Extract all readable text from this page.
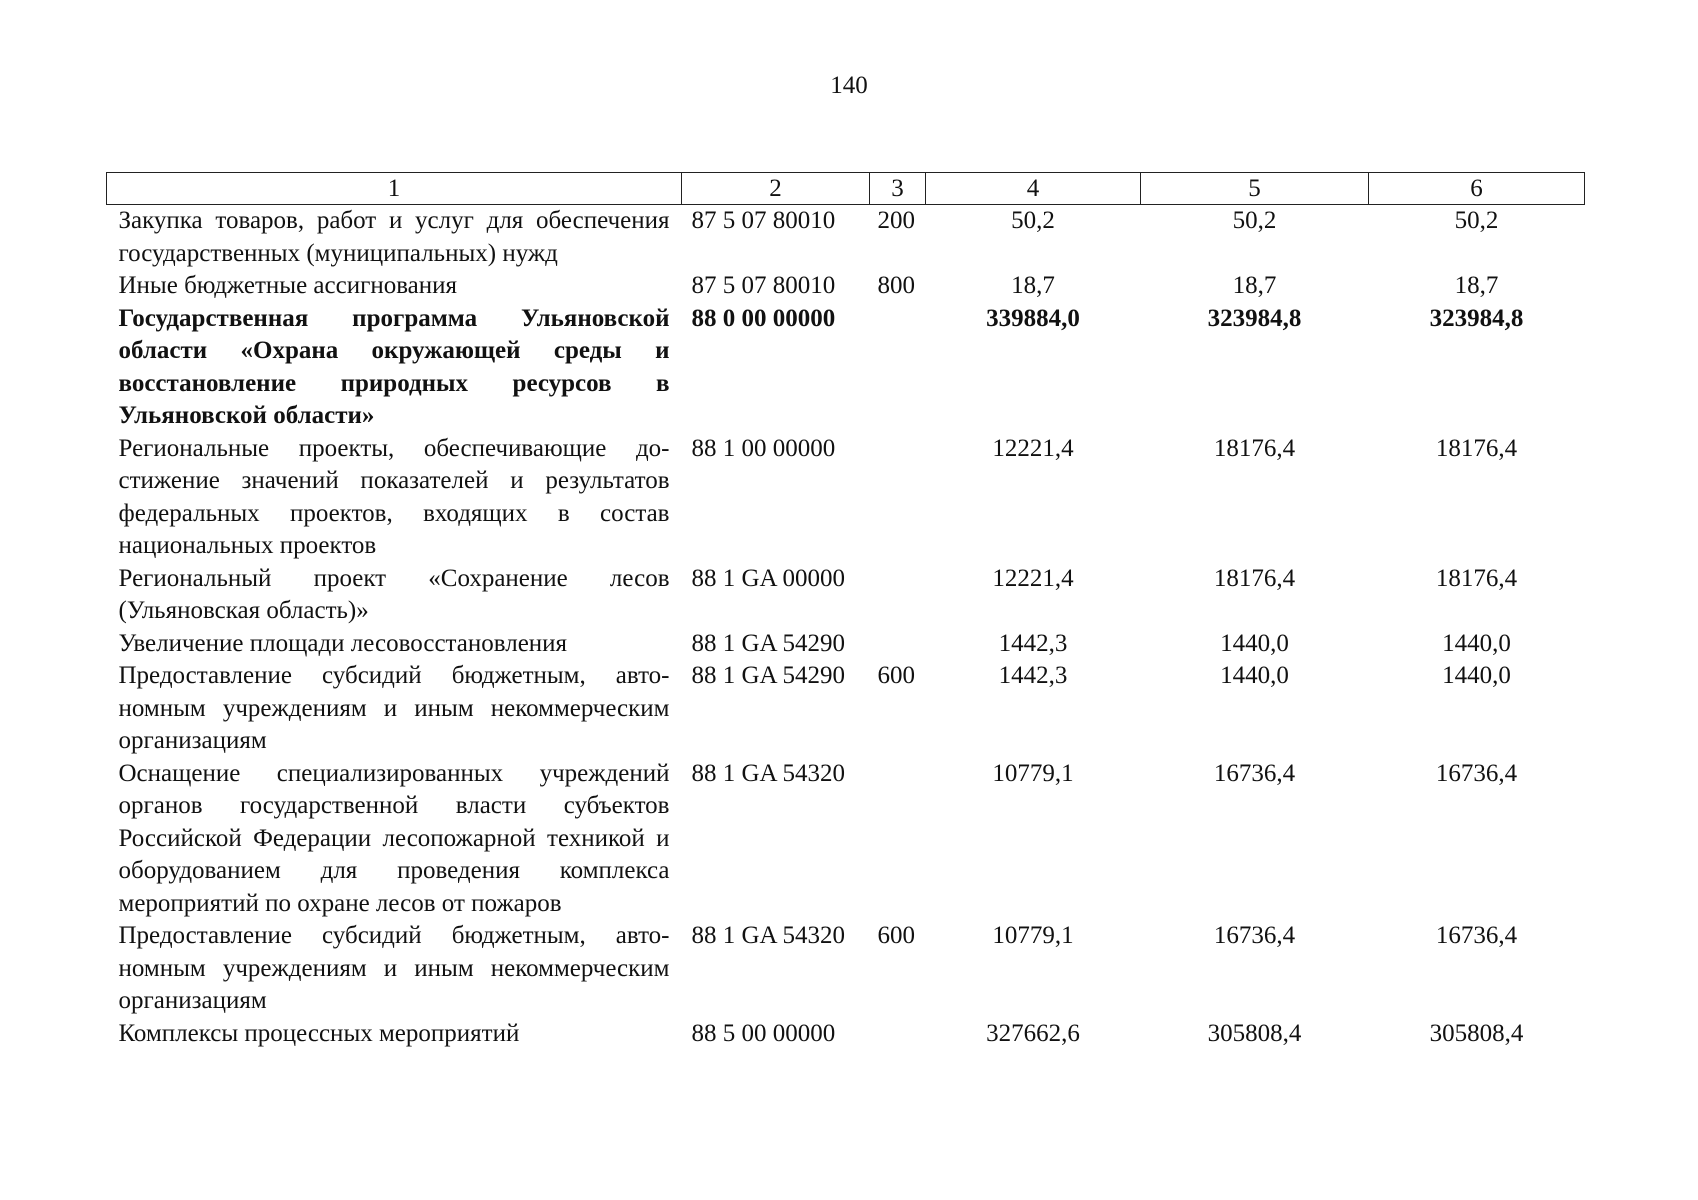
140
1	2	3	4	5	6
Закупка товаров, работ и услуг для обеспечения государственных (муниципальных) нужд	87 5 07 80010	200	50,2	50,2	50,2
Иные бюджетные ассигнования	87 5 07 80010	800	18,7	18,7	18,7
Государственная программа Ульяновской области «Охрана окружающей среды и восстановление природных ресурсов в Ульяновской области»	88 0 00 00000		339884,0	323984,8	323984,8
Региональные проекты, обеспечивающие достижение значений показателей и результатов федеральных проектов, входящих в состав национальных проектов	88 1 00 00000		12221,4	18176,4	18176,4
Региональный проект «Сохранение лесов (Ульяновская область)»	88 1 GA 00000		12221,4	18176,4	18176,4
Увеличение площади лесовосстановления	88 1 GA 54290		1442,3	1440,0	1440,0
Предоставление субсидий бюджетным, автономным учреждениям и иным некоммерческим организациям	88 1 GA 54290	600	1442,3	1440,0	1440,0
Оснащение специализированных учреждений органов государственной власти субъектов Российской Федерации лесопожарной техникой и оборудованием для проведения комплекса мероприятий по охране лесов от пожаров	88 1 GA 54320		10779,1	16736,4	16736,4
Предоставление субсидий бюджетным, автономным учреждениям и иным некоммерческим организациям	88 1 GA 54320	600	10779,1	16736,4	16736,4
Комплексы процессных мероприятий	88 5 00 00000		327662,6	305808,4	305808,4
